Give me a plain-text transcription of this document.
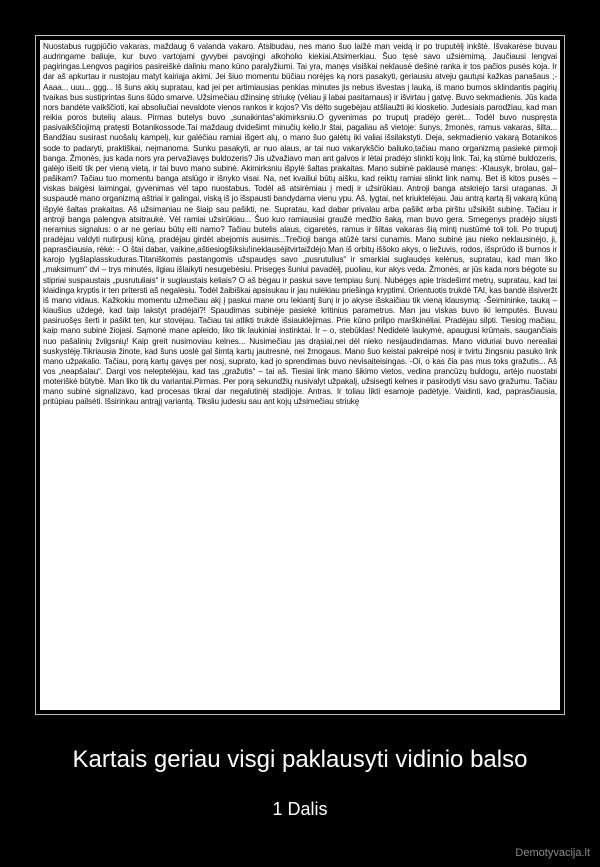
Nuostabus rugpjūčio vakaras, maždaug 6 valanda vakaro. Atsibudau, nes mano šuo laižė man veidą ir po truputėlį inkštė. Išvakarėse buvau audringame baliuje, kur buvo vartojami gyvybei pavojingi alkoholio kiekiai.Atsimerkiau. Šuo tęsė savo užsiėmimą. Jaučiausi lengvai pagiringas.Lengvos pagirios pasireiškė daliniu mano kūno paralyžiumi. Tai yra, manęs visiškai neklausė dešinė ranka ir tos pačios pusės koja. Ir dar aš apkurtau ir nustojau matyt kairiąja akimi. Jei šiuo momentu būčiau norėjęs ką nors pasakyti, geriausiu atveju gautųsi kažkas panašaus ;- Aaaa... uuu... ggg... Iš šuns akių supratau, kad jei per artimiausias penkias minutes jis nebus išvestas į lauką, iš mano burnos sklindantis pagirių tvaikas bus sustiprintas šuns šūdo smarve. Užsimečiau džinsinę striukę (vėliau ji labai pasitarnaus) ir išvirtau į gatvę. Buvo sekmadienis. Jūs kada nors bandėte vaikščioti, kai absoliučiai nevaldote vienos rankos ir kojos? Vis dėlto sugebėjau atšliaužti iki kioskelio. Judesiais parodžiau, kad man reikia poros butelių alaus. Pirmas butelys buvo „sunaikintas“akimirksniu.O gyvenimas po truputį pradėjo gerėt... Todėl buvo nuspręsta pasivaikščiojimą pratęsti Botanikossode.Tai maždaug dvidešimt minučių kelio.Ir štai, pagaliau aš vietoje: šunys, žmonės, ramus vakaras, šilta... Bandžiau susirast nuošalų kampelį, kur galėčiau ramiai išgert alų, o mano šuo galėtų iki valiai išsilakstyti. Deja, sekmadienio vakarą Botanikos sode to padaryti, praktiškai, neįmanoma. Sunku pasakyti, ar nuo alaus, ar tai nuo vakarykščio baliuko,tačiau mano organizmą pasiekė pirmoji banga. Žmonės, jus kada nors yra pervažiavęs buldozeris? Jis užvažiavo man ant galvos ir lėtai pradėjo slinkti kojų link. Tai, ką stūmė buldozeris, galėjo išeiti tik per vieną vietą, ir tai buvo mano subinė. Akimirksniu išpylė šaltas prakaitas. Mano subinė paklausė manęs: -Klausyk, brolau, gal–pašikam? Tačiau tuo momentu banga atslūgo ir išnyko visai. Na, net kvailiui būtų aišku, kad reiktų ramiai slinkt link namų. Bet iš kitos pusės – viskas baigėsi laimingai, gyvenimas vėl tapo nuostabus. Todėl aš atsirėmiau į medį ir užsirūkiau. Antroji banga atskriejo tarsi uraganas. Ji suspaudė mano organizmą aštriai ir galingai, viską iš jo išspausti bandydama vienu ypu. Aš, lygtai, net kriuktelėjau. Jau antrą kartą šį vakarą kūną išpylė šaltas prakaitas. Aš užsimaniau ne šiaip sau pašikti, ne. Supratau, kad dabar privalau arba pašikt arba pirštu užsikišt subinę. Tačiau ir antroji banga palengva atsitraukė. Vėl ramiai užsirūkiau... Šuo kuo ramiausiai graužė medžio šaką, man buvo gera. Smegenys pradėjo siųsti neramius signalus: o ar ne geriau būtų eiti namo? Tačiau butelis alaus, cigaretės, ramus ir šiltas vakaras šią mintį nustūmė toli toli. Po truputį pradėjau valdyti nutirpusį kūną, pradėjau girdėt abejomis ausimis...Trečioji banga atūžė tarsi cunamis. Mano subinė jau nieko neklausinėjo, ji, paprasčiausia, rėkė: - O štai dabar, vaikine,aštiesiogšiksiu!ineklausėjitvirtaiždėjo.Man iš orbitų iššoko akys, o liežuvis, rodos, išsprūdo iš burnos ir karojo lygšlaplasskuduras.Titaniškomis pastangomis užspaudęs savo „pusrutulius“ ir smarkiai suglaudęs kelėnus, supratau, kad man liko „maksimum“ dvi – trys minutės, ilgiau išlaikyti nesugebėsiu. Prisegęs šuniui pavadėlį, puoliau, kur akys veda. Žmonės, ar jūs kada nors bėgote su stipriai suspaustais „pusrutuliais“ ir suglaustais keliais? O aš bėgau ir paskui save tempiau šunį. Nubėgęs apie trisdešimt metrų, supratau, kad tai klaidinga kryptis ir ten pritersti aš negalėsiu. Todėl žaibiškai apsisukau ir jau nulėkiau priešinga kryptimi. Orientuotis trukdė TAI, kas bandė išsiveržt iš mano vidaus. Kažkokiu momentu užmečiau akį į paskui mane oru lekiantį šunį ir jo akyse išskaičiau tik vieną klausymą: -Šeimininke, tauką – kiaušius uždegė, kad taip lakstyt pradėjai?! Spaudimas subinėje pasiekė kritinius parametrus. Man jau viskas buvo iki lemputės. Buvau pasiruošęs šerti ir pašikt ten, kur stovėjau. Tačiau tai atlikti trukdė išsiauklėjimas. Prie kūno prilipo marškinėliai. Pradėjau silpti. Tiesiog mačiau, kaip mano subinė žiojasi. Sąmonė mane apleido, liko tik laukiniai instinktai. Ir – o, stebūklas! Nedidelė laukymė, apaugusi krūmais, saugančiais nuo pašalinių žvilgsnių! Kaip greit nusimoviau kelnes... Nusimečiau jas drąsiai,nei dėl nieko nesijaudindamas. Mano viduriai buvo nerealiai suskystėję.Tikriausia žinote, kad šuns uoslė gal šimtą kartų jautresnė, nei žmogaus. Mano šuo keistai pakreipė nosį ir tvirtu žingsniu pasuko link mano užpakalio. Tačiau, porą kartų gavęs per nosį, suprato, kad jo sprendimas buvo nevisaiteisingas. -Oi, o kas čia pas mus toks gražutis... Aš vos „neapšalau“. Dargi vos neleptelėjau, kad tas „gražutis“ – tai aš. Tiesiai link mano šikimo vietos, vedina prancūzų buldogu, artėjo nuostabi moteriškė būtybė. Man liko tik du variantai.Pirmas. Per porą sekundžių nusivalyt užpakalį, užsisegti kelnes ir pasirodyti visu savo gražumu. Tačiau mano subinė signalizavo, kad procesas tikrai dar negalutinėj stadijoje. Antras. Ir toliau likti esamoje padėtyje. Vaidinti, kad, paprasčiausia, pritūpiau pailsėti. Išsirinkau antrąjį variantą. Tiksliu judesiu sau ant kojų užsimečiau striukę

Kartais geriau visgi paklausyti vidinio balso

1 Dalis

Demotyvacija.lt
